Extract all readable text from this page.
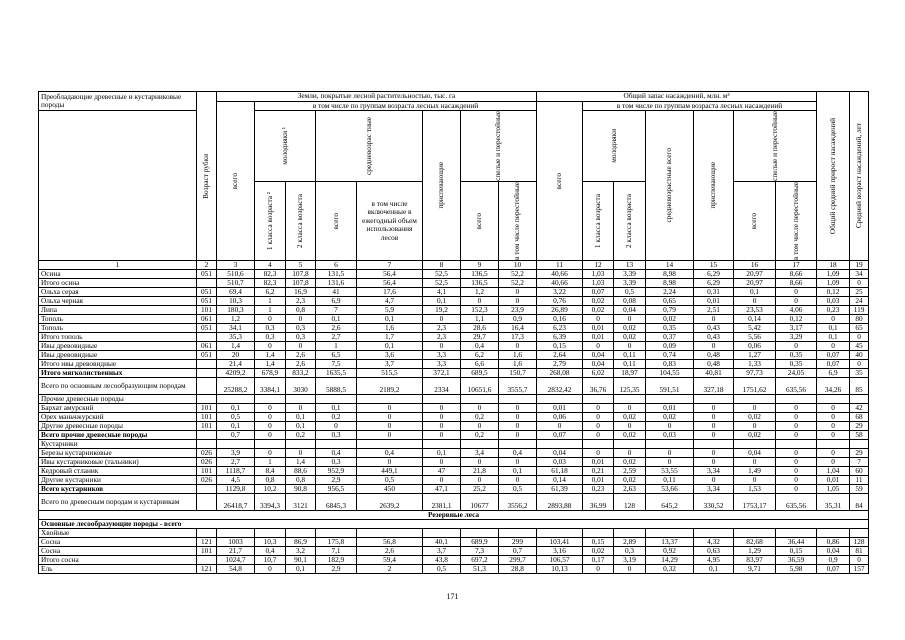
Преобладающие древесные и кустарниковые породы	Возраст рубки	Земли, покрытые лесной растительностью, тыс. га								Общий запас насаждений, млн. м³							Общий средний прирост насаждений	Средний возраст насаждений, лет

		всего	в том числе по группам возраста лесных насаждений							всего	в том числе по группам возраста лесных насаждений							

			молодняки ¹		средневозрас тные		приспевающие	спелые и перестойные			молодняки		средневозрастные всего	приспевающие	спелые и перестойные			

			1 класса возраста ²	2 класса возраста	всего	в том числе включенные в ежегодный объем использования лесов		всего	в том числе перестойные		1 класса возраста	2 класса возраста			всего	в том числе перестойные		

1	2	3	4	5	6	7	8	9	10	11	12	13	14	15	16	17	18	19
Осина	051	510,6	82,3	107,8	131,5	56,4	52,5	136,5	52,2	40,66	1,03	3,39	8,98	6,29	20,97	8,66	1,09	34
Итого осина		510,7	82,3	107,8	131,6	56,4	52,5	136,5	52,2	40,66	1,03	3,39	8,98	6,29	20,97	8,66	1,09	0
Ольха серая	051	69,4	6,2	16,9	41	17,6	4,1	1,2	0	3,22	0,07	0,5	2,24	0,31	0,1	0	0,12	25
Ольха черная	051	10,3	1	2,3	6,9	4,7	0,1	0	0	0,76	0,02	0,08	0,65	0,01	0	0	0,03	24
Липа	101	180,3	1	0,8	7	5,9	19,2	152,3	23,9	26,89	0,02	0,04	0,79	2,51	23,53	4,06	0,23	119
Тополь	061	1,2	0	0	0,1	0,1	0	1,1	0,9	0,16	0	0	0,02	0	0,14	0,12	0	80
Тополь	051	34,1	0,3	0,3	2,6	1,6	2,3	28,6	16,4	6,23	0,01	0,02	0,35	0,43	5,42	3,17	0,1	65
Итого тополь		35,3	0,3	0,3	2,7	1,7	2,3	29,7	17,3	6,39	0,01	0,02	0,37	0,43	5,56	3,29	0,1	0
Ивы древовидные	061	1,4	0	0	1	0,1	0	0,4	0	0,15	0	0	0,09	0	0,06	0	0	45
Ивы древовидные	051	20	1,4	2,6	6,5	3,6	3,3	6,2	1,6	2,64	0,04	0,11	0,74	0,48	1,27	0,35	0,07	40
Итого ивы древовидные		21,4	1,4	2,6	7,5	3,7	3,3	6,6	1,6	2,79	0,04	0,11	0,83	0,48	1,33	0,35	0,07	0
Итого мягколиственных		4209,2	678,9	833,2	1635,5	515,5	372,1	689,5	150,7	268,08	6,02	18,97	104,55	40,81	97,73	24,05	6,9	35
Всего по основным лесообразующим породам		25288,2	3384,1	3030	5888,5	2189,2	2334	10651,6	3555,7	2832,42	36,76	125,35	591,51	327,18	1751,62	635,56	34,26	85
Прочие древесные породы																		
Бархат амурский	101	0,1	0	0	0,1	0	0	0	0	0,01	0	0	0,01	0	0	0	0	42
Орех маньчжурский	101	0,5	0	0,1	0,2	0	0	0,2	0	0,06	0	0,02	0,02	0	0,02	0	0	68
Другие древесные породы	101	0,1	0	0,1	0	0	0	0	0	0	0	0	0	0	0	0	0	29
Всего прочие древесные породы		0,7	0	0,2	0,3	0	0	0,2	0	0,07	0	0,02	0,03	0	0,02	0	0	58
Кустарники																		
Березы кустарниковые	026	3,9	0	0	0,4	0,4	0,1	3,4	0,4	0,04	0	0	0	0	0,04	0	0	29
Ивы кустарниковые (тальники)	026	2,7	1	1,4	0,3	0	0	0	0	0,03	0,01	0,02	0	0	0	0	0	7
Кедровый стланик	101	1118,7	8,4	88,6	952,9	449,1	47	21,8	0,1	61,18	0,21	2,59	53,55	3,34	1,49	0	1,04	60
Другие кустарники	026	4,5	0,8	0,8	2,9	0,5	0	0	0	0,14	0,01	0,02	0,11	0	0	0	0,01	11
Всего кустарников		1129,8	10,2	90,8	956,5	450	47,1	25,2	0,5	61,39	0,23	2,63	53,66	3,34	1,53	0	1,05	59
Всего по древесным породам и кустарникам		26418,7	3394,3	3121	6845,3	2639,2	2381,1	10677	3556,2	2893,88	36,99	128	645,2	330,52	1753,17	635,56	35,31	84
Резервные леса																		
Основные лесообразующие породы - всего																		
Хвойные																		
Сосна	121	1003	10,3	86,9	175,8	56,8	40,1	689,9	299	103,41	0,15	2,89	13,37	4,32	82,68	36,44	0,86	128
Сосна	101	21,7	0,4	3,2	7,1	2,6	3,7	7,3	0,7	3,16	0,02	0,3	0,92	0,63	1,29	0,15	0,04	81
Итого сосна		1024,7	10,7	90,1	182,9	59,4	43,8	697,2	299,7	106,57	0,17	3,19	14,29	4,95	83,97	36,59	0,9	0
Ель	121	54,8	0	0,1	2,9	2	0,5	51,3	28,8	10,13	0	0	0,32	0,1	9,71	5,98	0,07	157
171
